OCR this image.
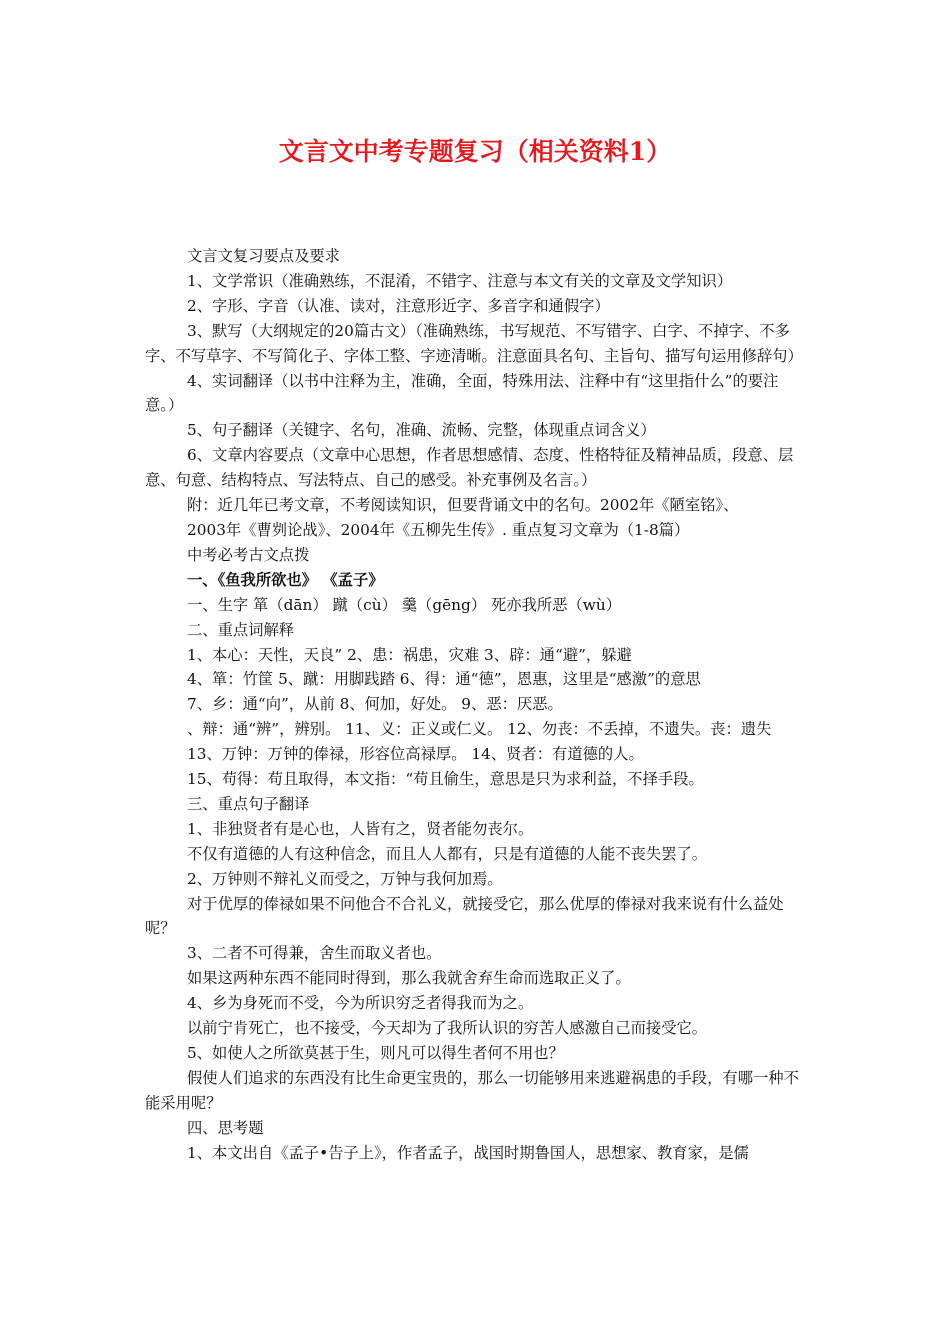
文言文中考专题复习（相关资料1）

文言文复习要点及要求

1、文学常识（准确熟练，不混淆，不错字、注意与本文有关的文章及文学知识）

2、字形、字音（认准、读对，注意形近字、多音字和通假字）

3、默写（大纲规定的20篇古文）（准确熟练，书写规范、不写错字、白字、不掉字、不多字、不写草字、不写简化子、字体工整、字迹清晰。注意面具名句、主旨句、描写句运用修辞句）

4、实词翻译（以书中注释为主，准确，全面，特殊用法、注释中有“这里指什么”的要注意。）

5、句子翻译（关键字、名句，准确、流畅、完整，体现重点词含义）

6、文章内容要点（文章中心思想，作者思想感情、态度、性格特征及精神品质，段意、层意、句意、结构特点、写法特点、自己的感受。补充事例及名言。）

附：近几年已考文章，不考阅读知识，但要背诵文中的名句。2002年《陋室铭》、

2003年《曹刿论战》、2004年《五柳先生传》. 重点复习文章为（1-8篇）

中考必考古文点拨

一、《鱼我所欲也》 《孟子》

一、生字 箪（dān） 蹴（cù） 羹（gēng） 死亦我所恶（wù）

二、重点词解释

1、本心：天性，天良” 2、患：祸患，灾难 3、辟：通“避”，躲避

4、箪：竹筐 5、蹴：用脚践踏 6、得：通“德”，恩惠，这里是“感激”的意思

7、乡：通“向”，从前 8、何加，好处。 9、恶：厌恶。

、辩：通“辨”，辨别。 11、义：正义或仁义。 12、勿丧：不丢掉，不遗失。丧：遗失

13、万钟：万钟的俸禄，形容位高禄厚。 14、贤者：有道德的人。

15、苟得：苟且取得，本文指：“苟且偷生，意思是只为求利益，不择手段。

三、重点句子翻译

1、非独贤者有是心也，人皆有之，贤者能勿丧尔。

不仅有道德的人有这种信念，而且人人都有，只是有道德的人能不丧失罢了。

2、万钟则不辩礼义而受之，万钟与我何加焉。

对于优厚的俸禄如果不问他合不合礼义，就接受它，那么优厚的俸禄对我来说有什么益处呢？

3、二者不可得兼，舍生而取义者也。

如果这两种东西不能同时得到，那么我就舍弃生命而选取正义了。

4、乡为身死而不受，今为所识穷乏者得我而为之。

以前宁肯死亡，也不接受，今天却为了我所认识的穷苦人感激自己而接受它。

5、如使人之所欲莫甚于生，则凡可以得生者何不用也？

假使人们追求的东西没有比生命更宝贵的，那么一切能够用来逃避祸患的手段，有哪一种不能采用呢？

四、思考题

1、本文出自《孟子•告子上》，作者孟子，战国时期鲁国人，思想家、教育家，是儒
